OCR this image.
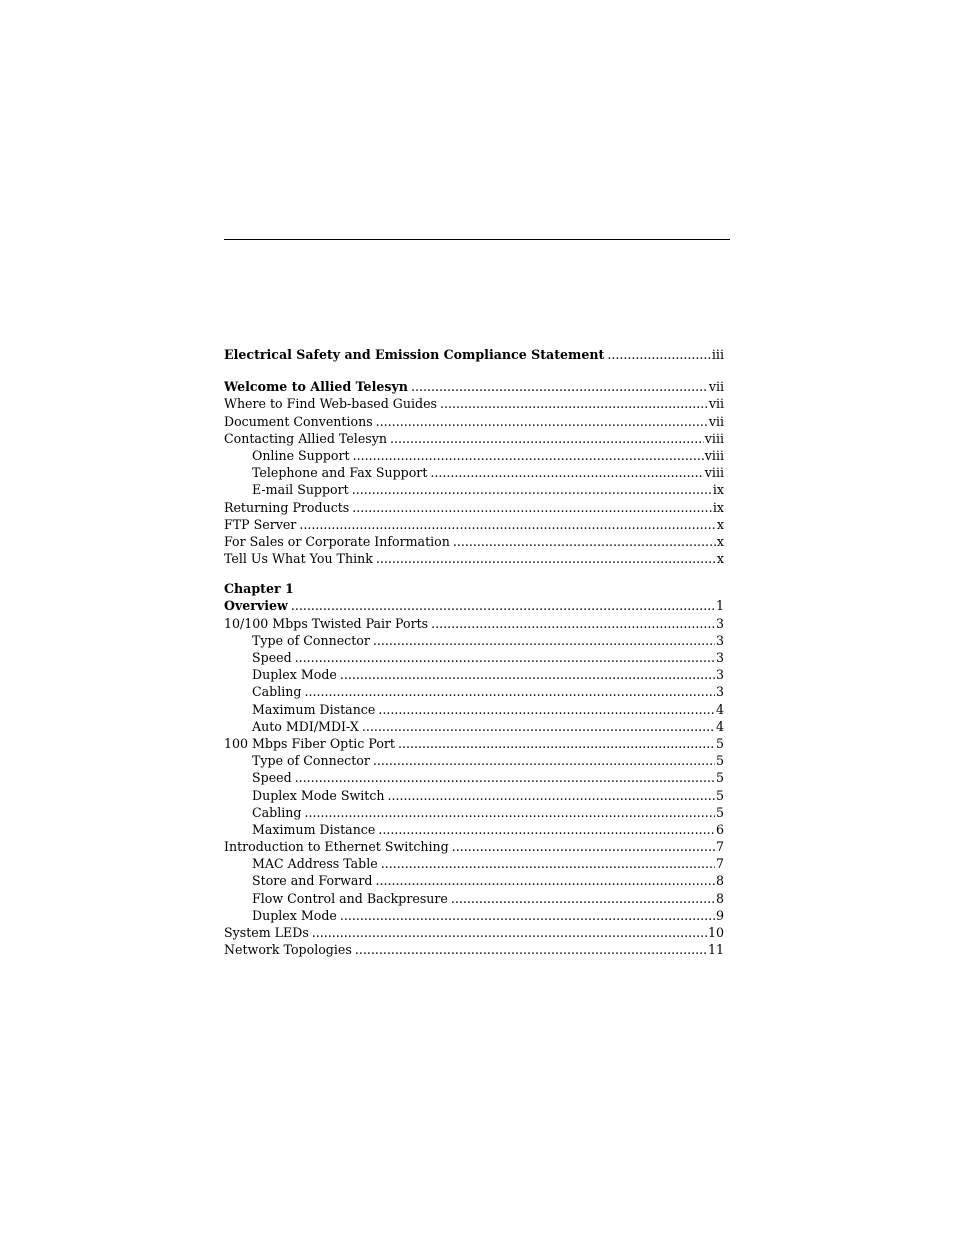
Electrical Safety and Emission Compliance Statement .....	iii
Welcome to Allied Telesyn .....	vii
Where to Find Web-based Guides .....	vii
Document Conventions .....	vii
Contacting Allied Telesyn .....	viii
Online Support .....	viii
Telephone and Fax Support .....	viii
E-mail Support .....	ix
Returning Products .....	ix
FTP Server .....	x
For Sales or Corporate Information .....	x
Tell Us What You Think .....	x
Chapter 1
Overview .....	1
10/100 Mbps Twisted Pair Ports .....	3
Type of Connector .....	3
Speed .....	3
Duplex Mode .....	3
Cabling .....	3
Maximum Distance .....	4
Auto MDI/MDI-X .....	4
100 Mbps Fiber Optic Port .....	5
Type of Connector .....	5
Speed .....	5
Duplex Mode Switch .....	5
Cabling .....	5
Maximum Distance .....	6
Introduction to Ethernet Switching .....	7
MAC Address Table .....	7
Store and Forward .....	8
Flow Control and Backpresure .....	8
Duplex Mode .....	9
System LEDs .....	10
Network Topologies .....	11
